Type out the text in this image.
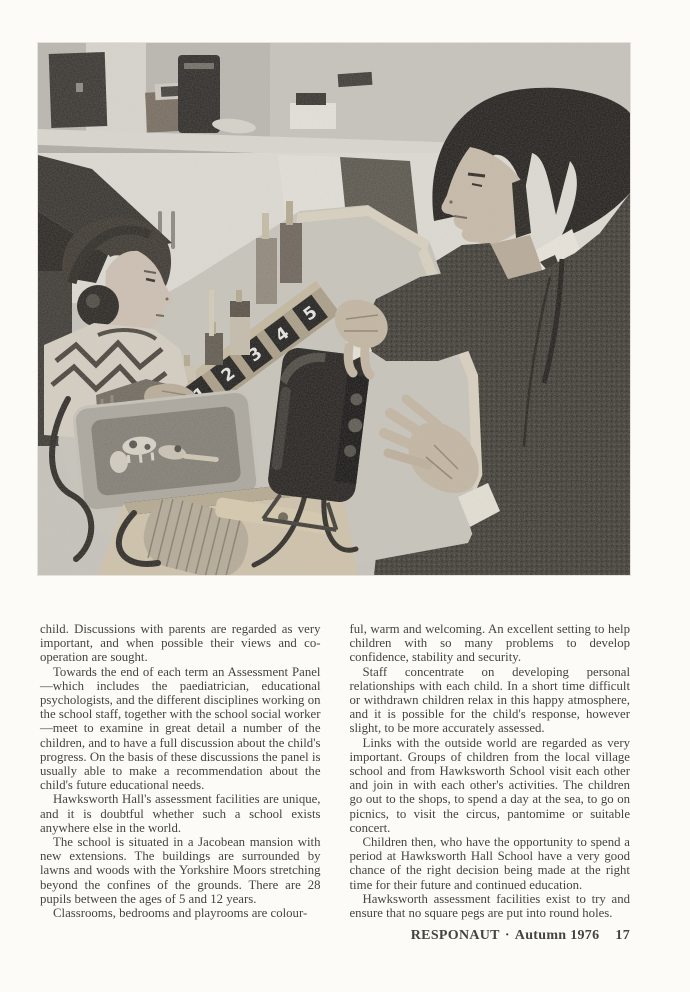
child. Discussions with parents are regarded as very important, and when possible their views and co-operation are sought.

Towards the end of each term an Assessment Panel—which includes the paediatrician, educational psychologists, and the different disciplines working on the school staff, together with the school social worker—meet to examine in great detail a number of the children, and to have a full discussion about the child's progress. On the basis of these discussions the panel is usually able to make a recommendation about the child's future educational needs.

Hawksworth Hall's assessment facilities are unique, and it is doubtful whether such a school exists anywhere else in the world.

The school is situated in a Jacobean mansion with new extensions. The buildings are surrounded by lawns and woods with the Yorkshire Moors stretching beyond the confines of the grounds. There are 28 pupils between the ages of 5 and 12 years.

Classrooms, bedrooms and playrooms are colour-

ful, warm and welcoming. An excellent setting to help children with so many problems to develop confidence, stability and security.

Staff concentrate on developing personal relationships with each child. In a short time difficult or withdrawn children relax in this happy atmosphere, and it is possible for the child's response, however slight, to be more accurately assessed.

Links with the outside world are regarded as very important. Groups of children from the local village school and from Hawksworth School visit each other and join in with each other's activities. The children go out to the shops, to spend a day at the sea, to go on picnics, to visit the circus, pantomime or suitable concert.

Children then, who have the opportunity to spend a period at Hawksworth Hall School have a very good chance of the right decision being made at the right time for their future and continued education.

Hawksworth assessment facilities exist to try and ensure that no square pegs are put into round holes.

RESPONAUT · Autumn 1976 17
